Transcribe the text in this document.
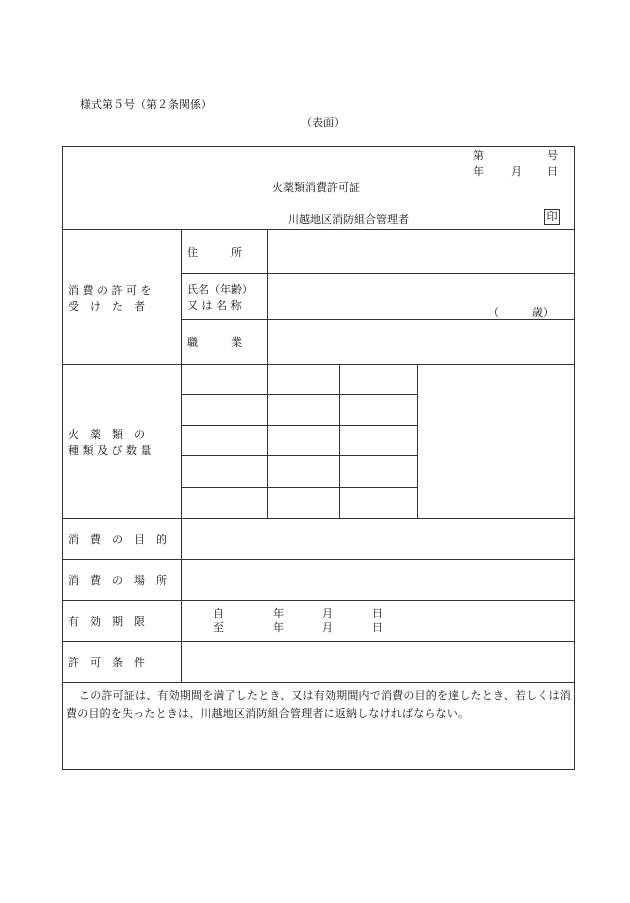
様式第５号（第２条関係）
（表面）
第	号
年 月 日
火薬類消費許可証
川越地区消防組合管理者	印
消 費 の 許 可 を
受　け　た　者
住　　　所
氏名（年齢）
又 は 名 称
（　　　歳）
職　　　業
火　薬　類　の
種 類 及 び 数 量
消　費　の　目　的
消　費　の　場　所
有　効　期　限
自	年	月	日
至	年	月	日
許　可　条　件
この許可証は、有効期間を満了したとき、又は有効期間内で消費の目的を達したとき、若しくは消費の目的を失ったときは、川越地区消防組合管理者に返納しなければならない。
